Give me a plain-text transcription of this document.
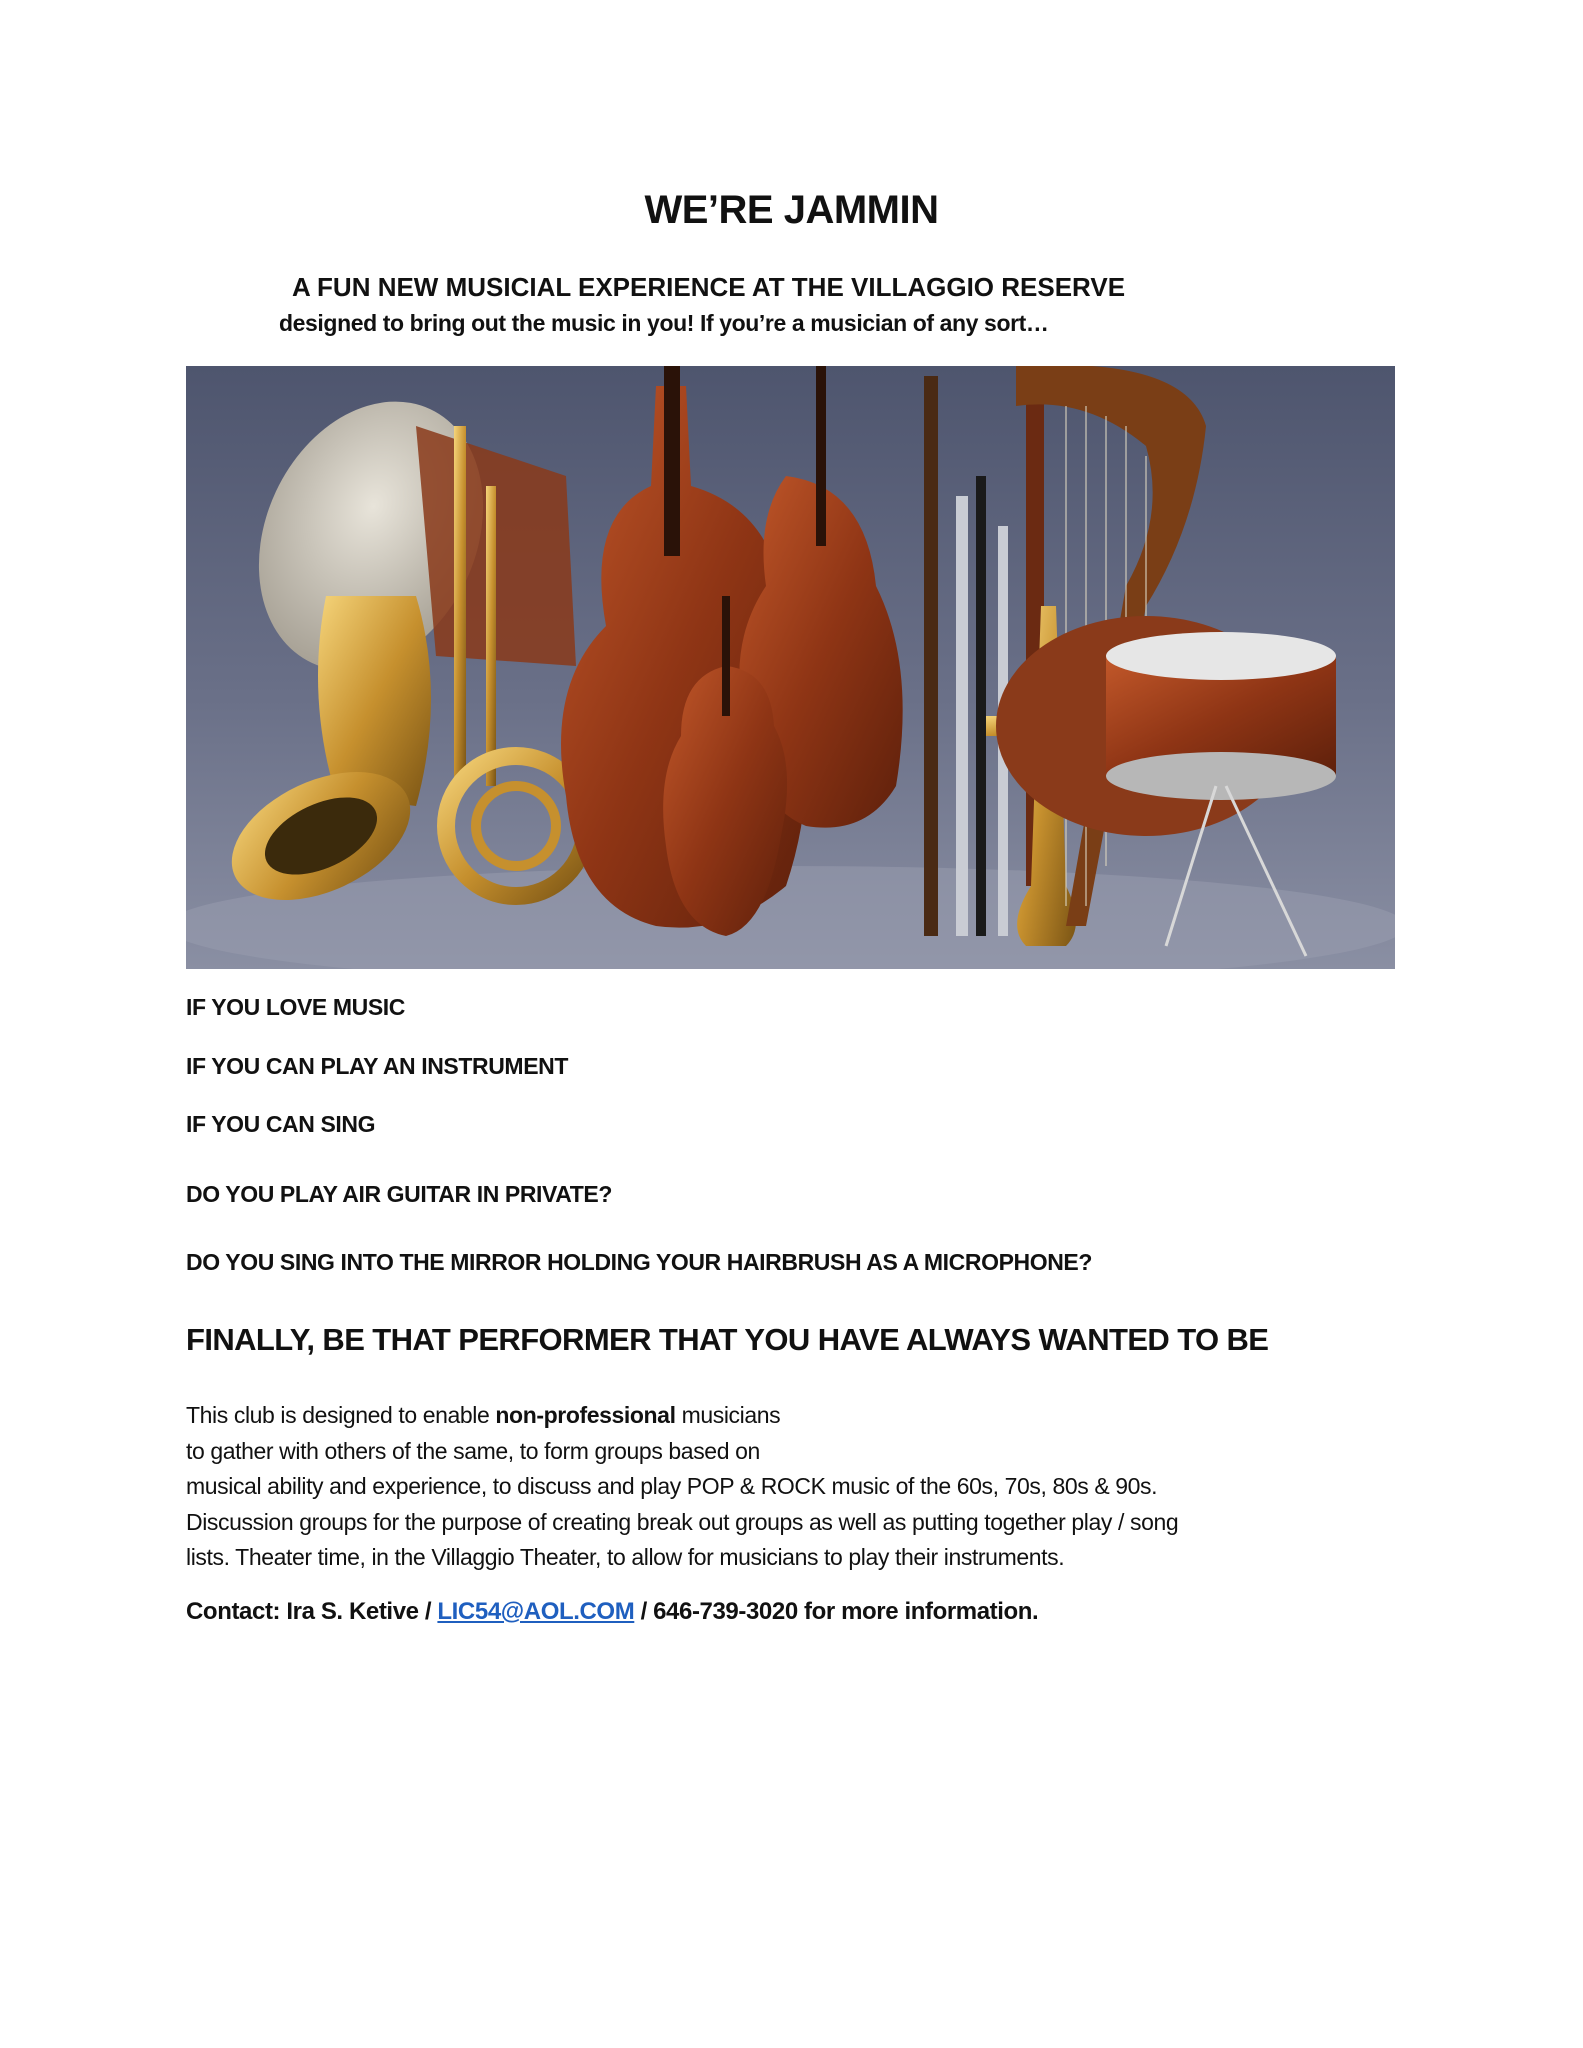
WE’RE JAMMIN
A FUN NEW MUSICIAL EXPERIENCE AT THE VILLAGGIO RESERVE
designed to bring out the music in you! If you’re a musician of any sort…
IF YOU LOVE MUSIC
IF YOU CAN PLAY AN INSTRUMENT
IF YOU CAN SING
DO YOU PLAY AIR GUITAR IN PRIVATE?
DO YOU SING INTO THE MIRROR HOLDING YOUR HAIRBRUSH AS A MICROPHONE?
FINALLY, BE THAT PERFORMER THAT YOU HAVE ALWAYS WANTED TO BE

This club is designed to enable non-professional musicians

to gather with others of the same, to form groups based on

musical ability and experience, to discuss and play POP & ROCK music of the 60s, 70s, 80s & 90s.

Discussion groups for the purpose of creating break out groups as well as putting together play / song

lists. Theater time, in the Villaggio Theater, to allow for musicians to play their instruments.

Contact: Ira S. Ketive / LIC54@AOL.COM / 646-739-3020 for more information.
